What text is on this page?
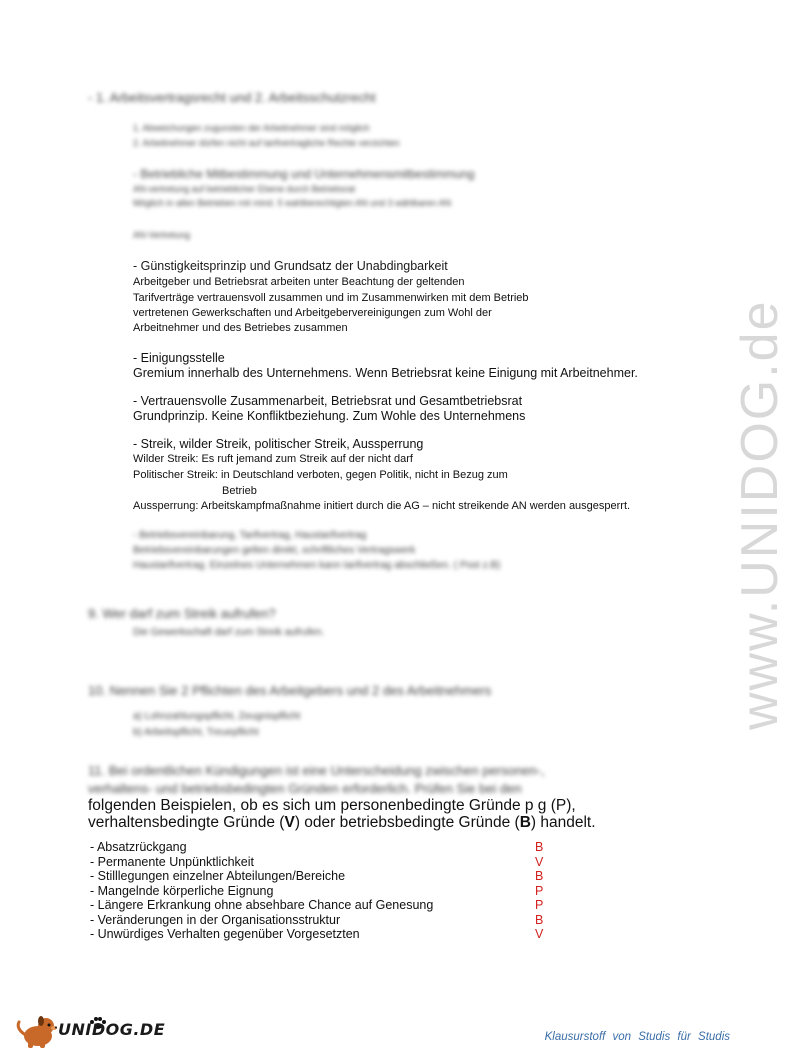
www.UNIDOG.de
- 1. Arbeitsvertragsrecht und 2. Arbeitsschutzrecht
1. Abweichungen zugunsten der Arbeitnehmer sind möglich
2. Arbeitnehmer dürfen nicht auf tarifvertragliche Rechte verzichten
- Betriebliche Mitbestimmung und Unternehmensmitbestimmung
AN-vertretung auf betrieblicher Ebene durch Betriebsrat
Möglich in allen Betrieben mit mind. 5 wahlberechtigten AN und 3 wählbaren AN
AN-Vertretung
- Günstigkeitsprinzip und Grundsatz der Unabdingbarkeit
Arbeitgeber und Betriebsrat arbeiten unter Beachtung der geltenden
Tarifverträge vertrauensvoll zusammen und im Zusammenwirken mit dem Betrieb
vertretenen Gewerkschaften und Arbeitgebervereinigungen zum Wohl der
Arbeitnehmer und des Betriebes zusammen
- Einigungsstelle
Gremium innerhalb des Unternehmens. Wenn Betriebsrat keine Einigung mit Arbeitnehmer.
- Vertrauensvolle Zusammenarbeit, Betriebsrat und Gesamtbetriebsrat
Grundprinzip. Keine Konfliktbeziehung. Zum Wohle des Unternehmens
- Streik, wilder Streik, politischer Streik, Aussperrung
Wilder Streik: Es ruft jemand zum Streik auf der nicht darf
Politischer Streik: in Deutschland verboten, gegen Politik, nicht in Bezug zum
Betrieb
Aussperrung: Arbeitskampfmaßnahme initiert durch die AG – nicht streikende AN werden ausgesperrt.
- Betriebsvereinbarung, Tarifvertrag, Haustarifvertrag
Betriebsvereinbarungen gelten direkt, schriftliches Vertragswerk
Haustarifvertrag. Einzelnes Unternehmen kann tarifvertrag abschließen. ( Post z.B)
9. Wer darf zum Streik aufrufen?
Die Gewerkschaft darf zum Streik aufrufen.
10. Nennen Sie 2 Pflichten des Arbeitgebers und 2 des Arbeitnehmers
a) Lohnzahlungspflicht, Zeugnispflicht
b) Arbeitspflicht, Treuepflicht
11. Bei ordentlichen Kündigungen ist eine Unterscheidung zwischen personen-,
verhaltens- und betriebsbedingten Gründen erforderlich. Prüfen Sie bei den
folgenden Beispielen, ob es sich um personenbedingte Gründe p g (P),
verhaltensbedingte Gründe (V) oder betriebsbedingte Gründe (B) handelt.
- Absatzrückgang	B
- Permanente Unpünktlichkeit	V
- Stilllegungen einzelner Abteilungen/Bereiche	B
- Mangelnde körperliche Eignung	P
- Längere Erkrankung ohne absehbare Chance auf Genesung	P
- Veränderungen in der Organisationsstruktur	B
- Unwürdiges Verhalten gegenüber Vorgesetzten	V
UNIDOG.DE	Klausurstoff von Studis für Studis
